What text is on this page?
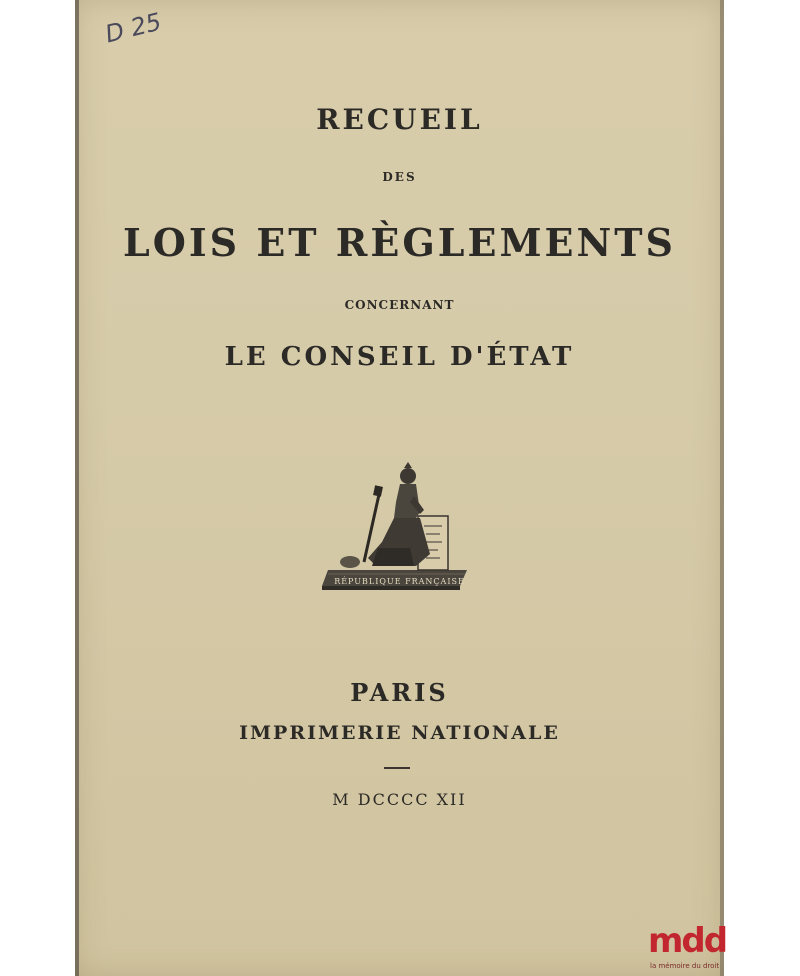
D 25
RECUEIL
DES
LOIS ET RÈGLEMENTS
CONCERNANT
LE CONSEIL D'ÉTAT
RÉPUBLIQUE FRANÇAISE
PARIS
IMPRIMERIE NATIONALE
M DCCCC XII
mdd
la mémoire du droit
